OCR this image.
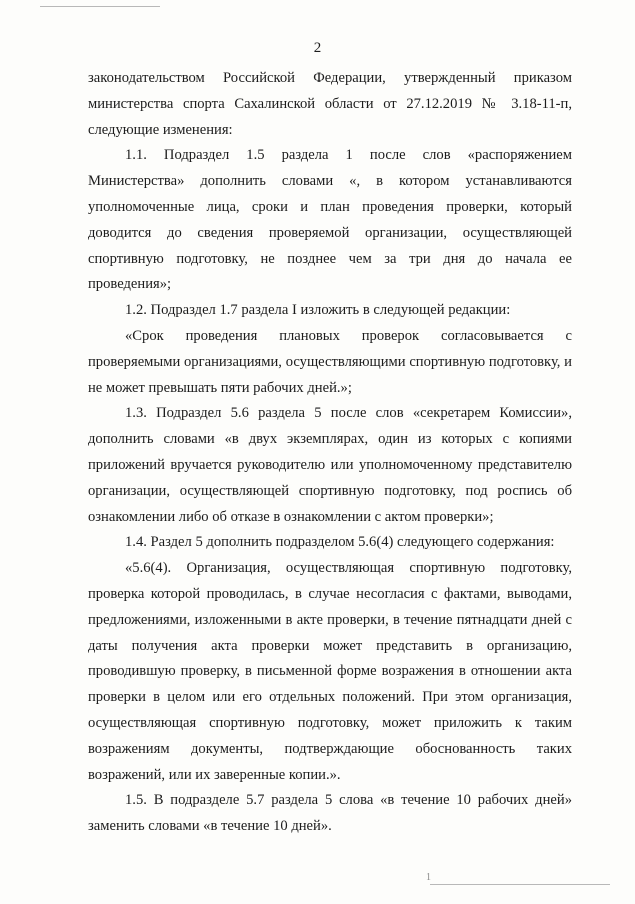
2
законодательством Российской Федерации, утвержденный приказом
министерства спорта Сахалинской области от 27.12.2019 № 3.18-11-п,
следующие изменения:
1.1. Подраздел 1.5 раздела 1 после слов «распоряжением
Министерства» дополнить словами «, в котором устанавливаются
уполномоченные лица, сроки и план проведения проверки, который
доводится до сведения проверяемой организации, осуществляющей
спортивную подготовку, не позднее чем за три дня до начала ее
проведения»;
1.2. Подраздел 1.7 раздела I изложить в следующей редакции:
«Срок проведения плановых проверок согласовывается с
проверяемыми организациями, осуществляющими спортивную подготовку, и
не может превышать пяти рабочих дней.»;
1.3. Подраздел 5.6 раздела 5 после слов «секретарем Комиссии»,
дополнить словами «в двух экземплярах, один из которых с копиями
приложений вручается руководителю или уполномоченному представителю
организации, осуществляющей спортивную подготовку, под роспись об
ознакомлении либо об отказе в ознакомлении с актом проверки»;
1.4. Раздел 5 дополнить подразделом 5.6(4) следующего содержания:
«5.6(4). Организация, осуществляющая спортивную подготовку,
проверка которой проводилась, в случае несогласия с фактами, выводами,
предложениями, изложенными в акте проверки, в течение пятнадцати дней с
даты получения акта проверки может представить в организацию,
проводившую проверку, в письменной форме возражения в отношении акта
проверки в целом или его отдельных положений. При этом организация,
осуществляющая спортивную подготовку, может приложить к таким
возражениям документы, подтверждающие обоснованность таких
возражений, или их заверенные копии.».
1.5. В подразделе 5.7 раздела 5 слова «в течение 10 рабочих дней»
заменить словами «в течение 10 дней».
1
